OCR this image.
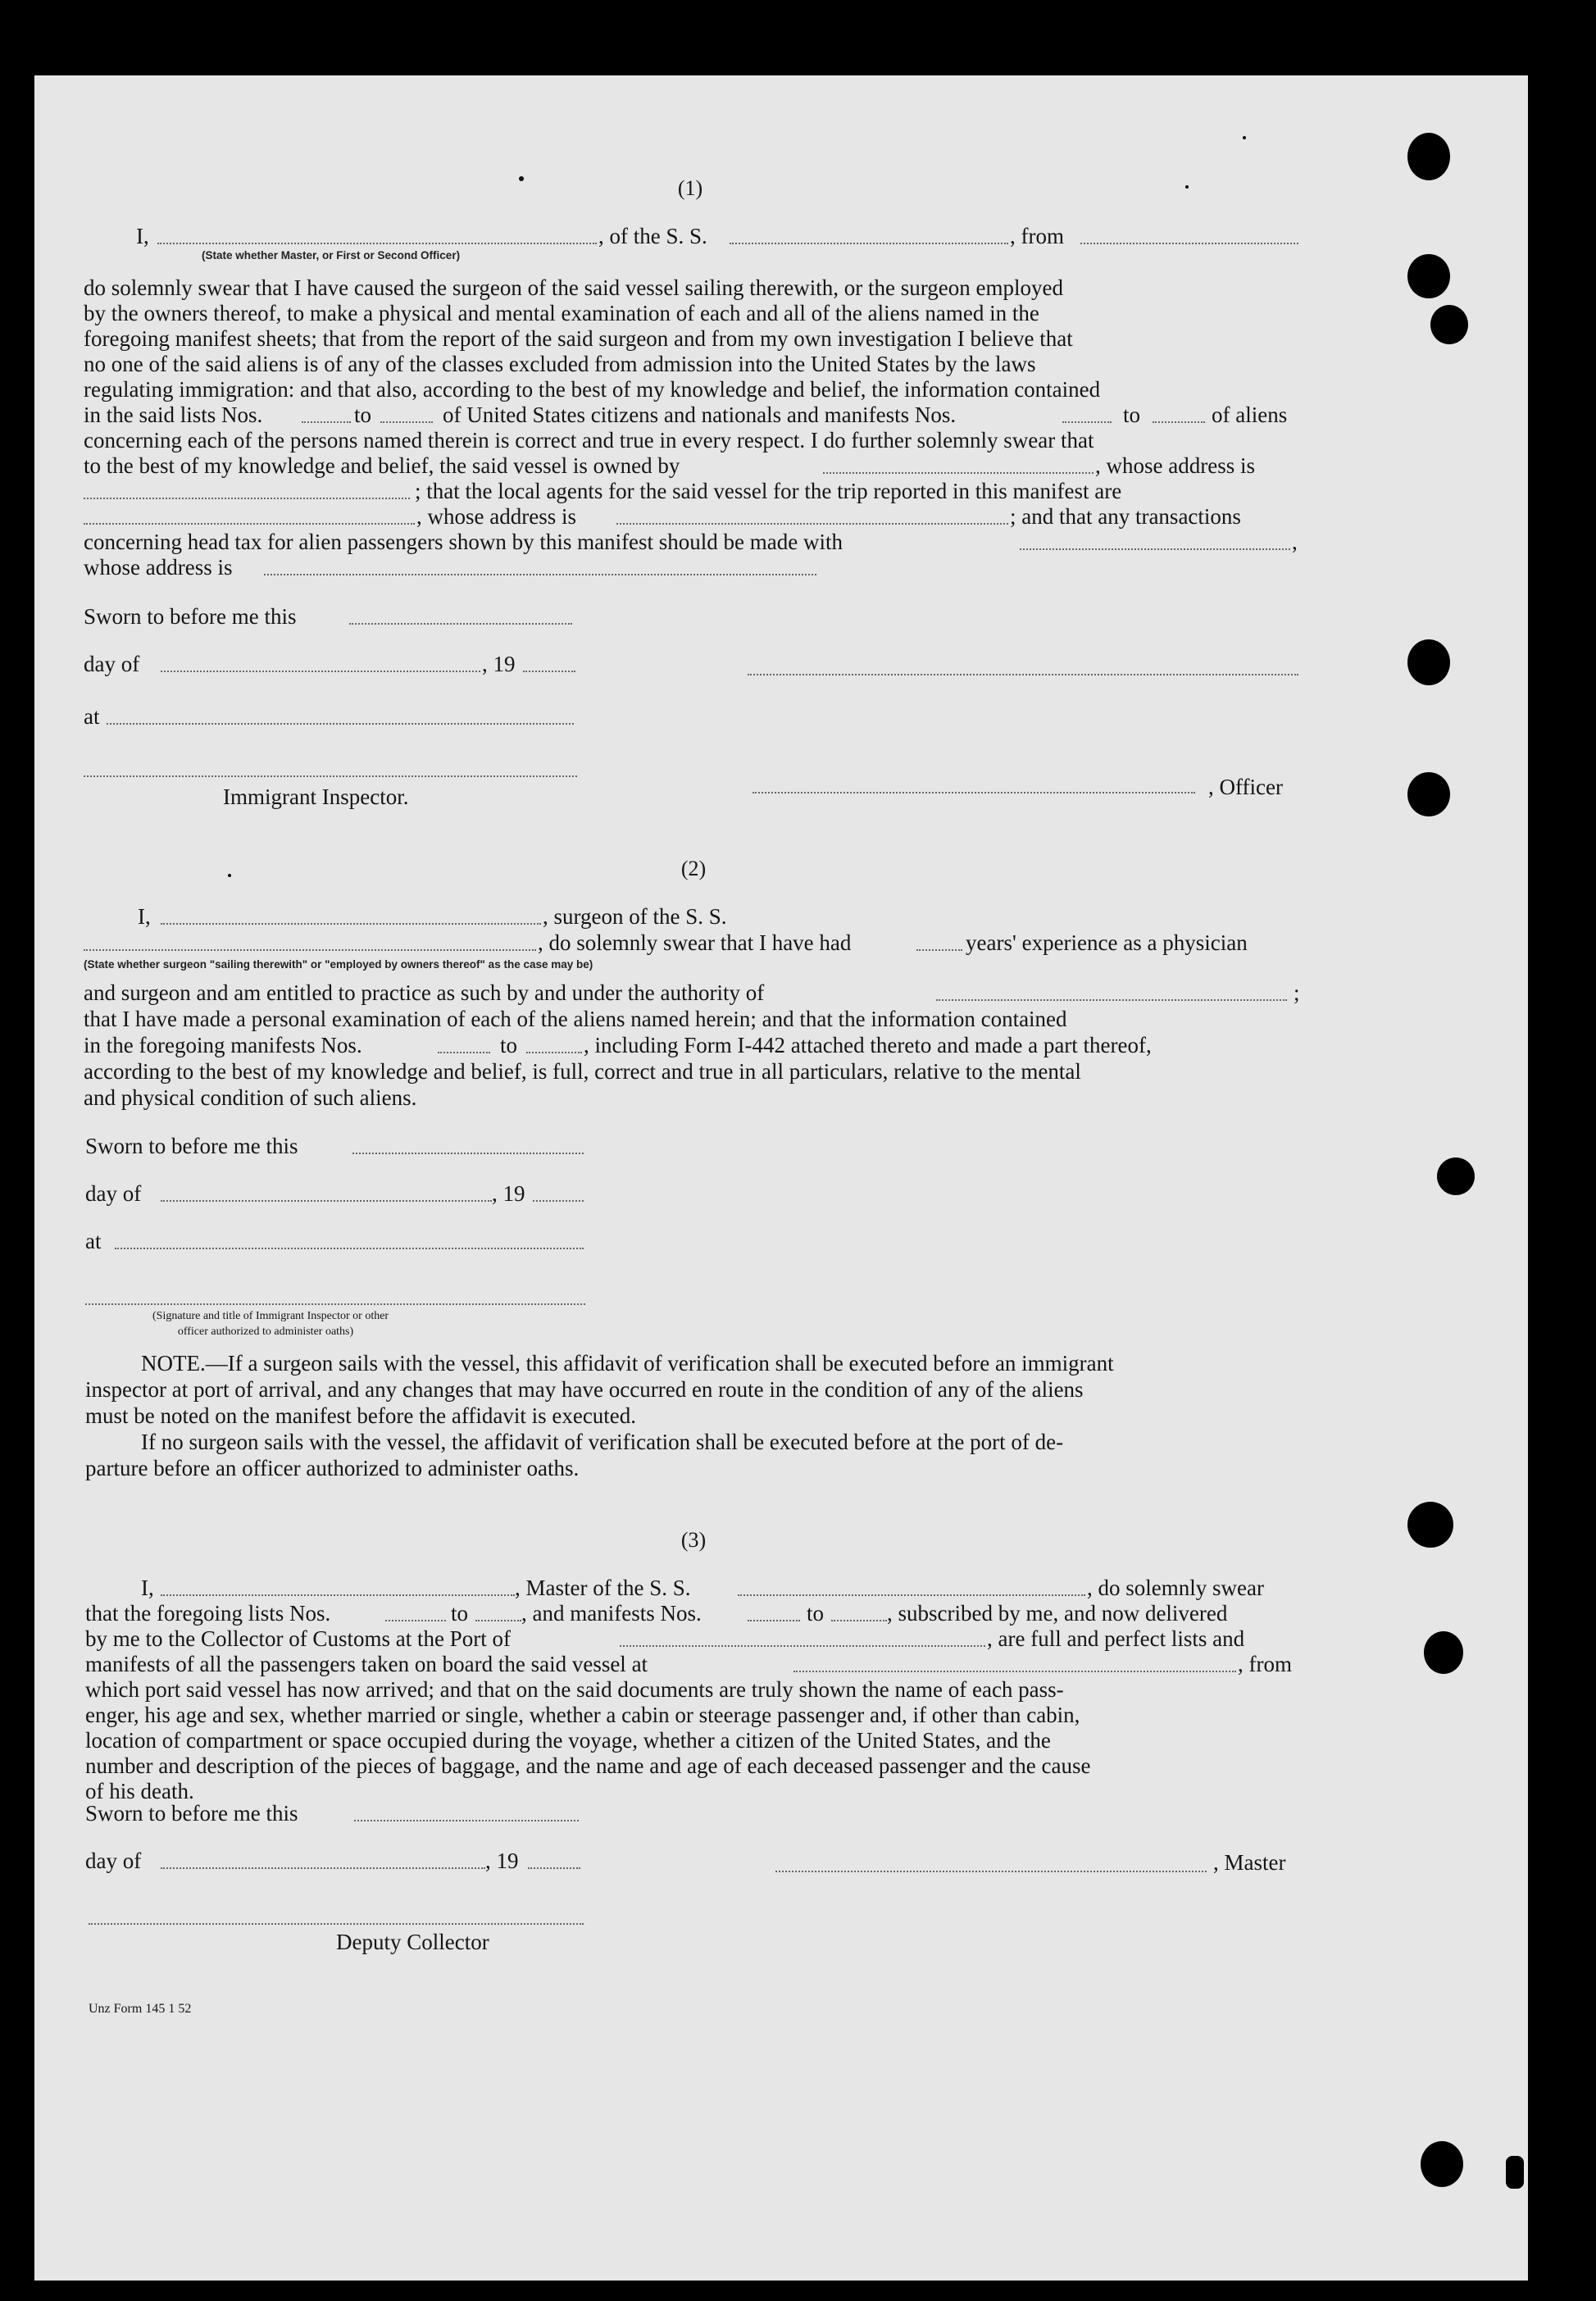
(1)
I,	, of the S. S.	, from
(State whether Master, or First or Second Officer)
do solemnly swear that I have caused the surgeon of the said vessel sailing therewith, or the surgeon employed
by the owners thereof, to make a physical and mental examination of each and all of the aliens named in the
foregoing manifest sheets; that from the report of the said surgeon and from my own investigation I believe that
no one of the said aliens is of any of the classes excluded from admission into the United States by the laws
regulating immigration: and that also, according to the best of my knowledge and belief, the information contained
in the said lists Nos.	to	of United States citizens and nationals and manifests Nos.	to	of aliens
concerning each of the persons named therein is correct and true in every respect. I do further solemnly swear that
to the best of my knowledge and belief, the said vessel is owned by	, whose address is
; that the local agents for the said vessel for the trip reported in this manifest are
, whose address is	; and that any transactions
concerning head tax for alien passengers shown by this manifest should be made with	,
whose address is
Sworn to before me this
day of	, 19
at
, Officer
Immigrant Inspector.
(2)
I,	, surgeon of the S. S.
, do solemnly swear that I have had	years' experience as a physician
(State whether surgeon "sailing therewith" or "employed by owners thereof" as the case may be)
and surgeon and am entitled to practice as such by and under the authority of	;
that I have made a personal examination of each of the aliens named herein; and that the information contained
in the foregoing manifests Nos.	to	, including Form I-442 attached thereto and made a part thereof,
according to the best of my knowledge and belief, is full, correct and true in all particulars, relative to the mental
and physical condition of such aliens.
Sworn to before me this
day of	, 19
at
(Signature and title of Immigrant Inspector or other
officer authorized to administer oaths)
NOTE.—If a surgeon sails with the vessel, this affidavit of verification shall be executed before an immigrant
inspector at port of arrival, and any changes that may have occurred en route in the condition of any of the aliens
must be noted on the manifest before the affidavit is executed.
If no surgeon sails with the vessel, the affidavit of verification shall be executed before at the port of de-
parture before an officer authorized to administer oaths.
(3)
I,	, Master of the S. S.	, do solemnly swear
that the foregoing lists Nos.	to , and manifests Nos.	to	, subscribed by me, and now delivered
by me to the Collector of Customs at the Port of	, are full and perfect lists and
manifests of all the passengers taken on board the said vessel at	, from
which port said vessel has now arrived; and that on the said documents are truly shown the name of each pass-
enger, his age and sex, whether married or single, whether a cabin or steerage passenger and, if other than cabin,
location of compartment or space occupied during the voyage, whether a citizen of the United States, and the
number and description of the pieces of baggage, and the name and age of each deceased passenger and the cause
of his death.
Sworn to before me this
day of	, 19	, Master
Deputy Collector
Unz Form 145 1 52
